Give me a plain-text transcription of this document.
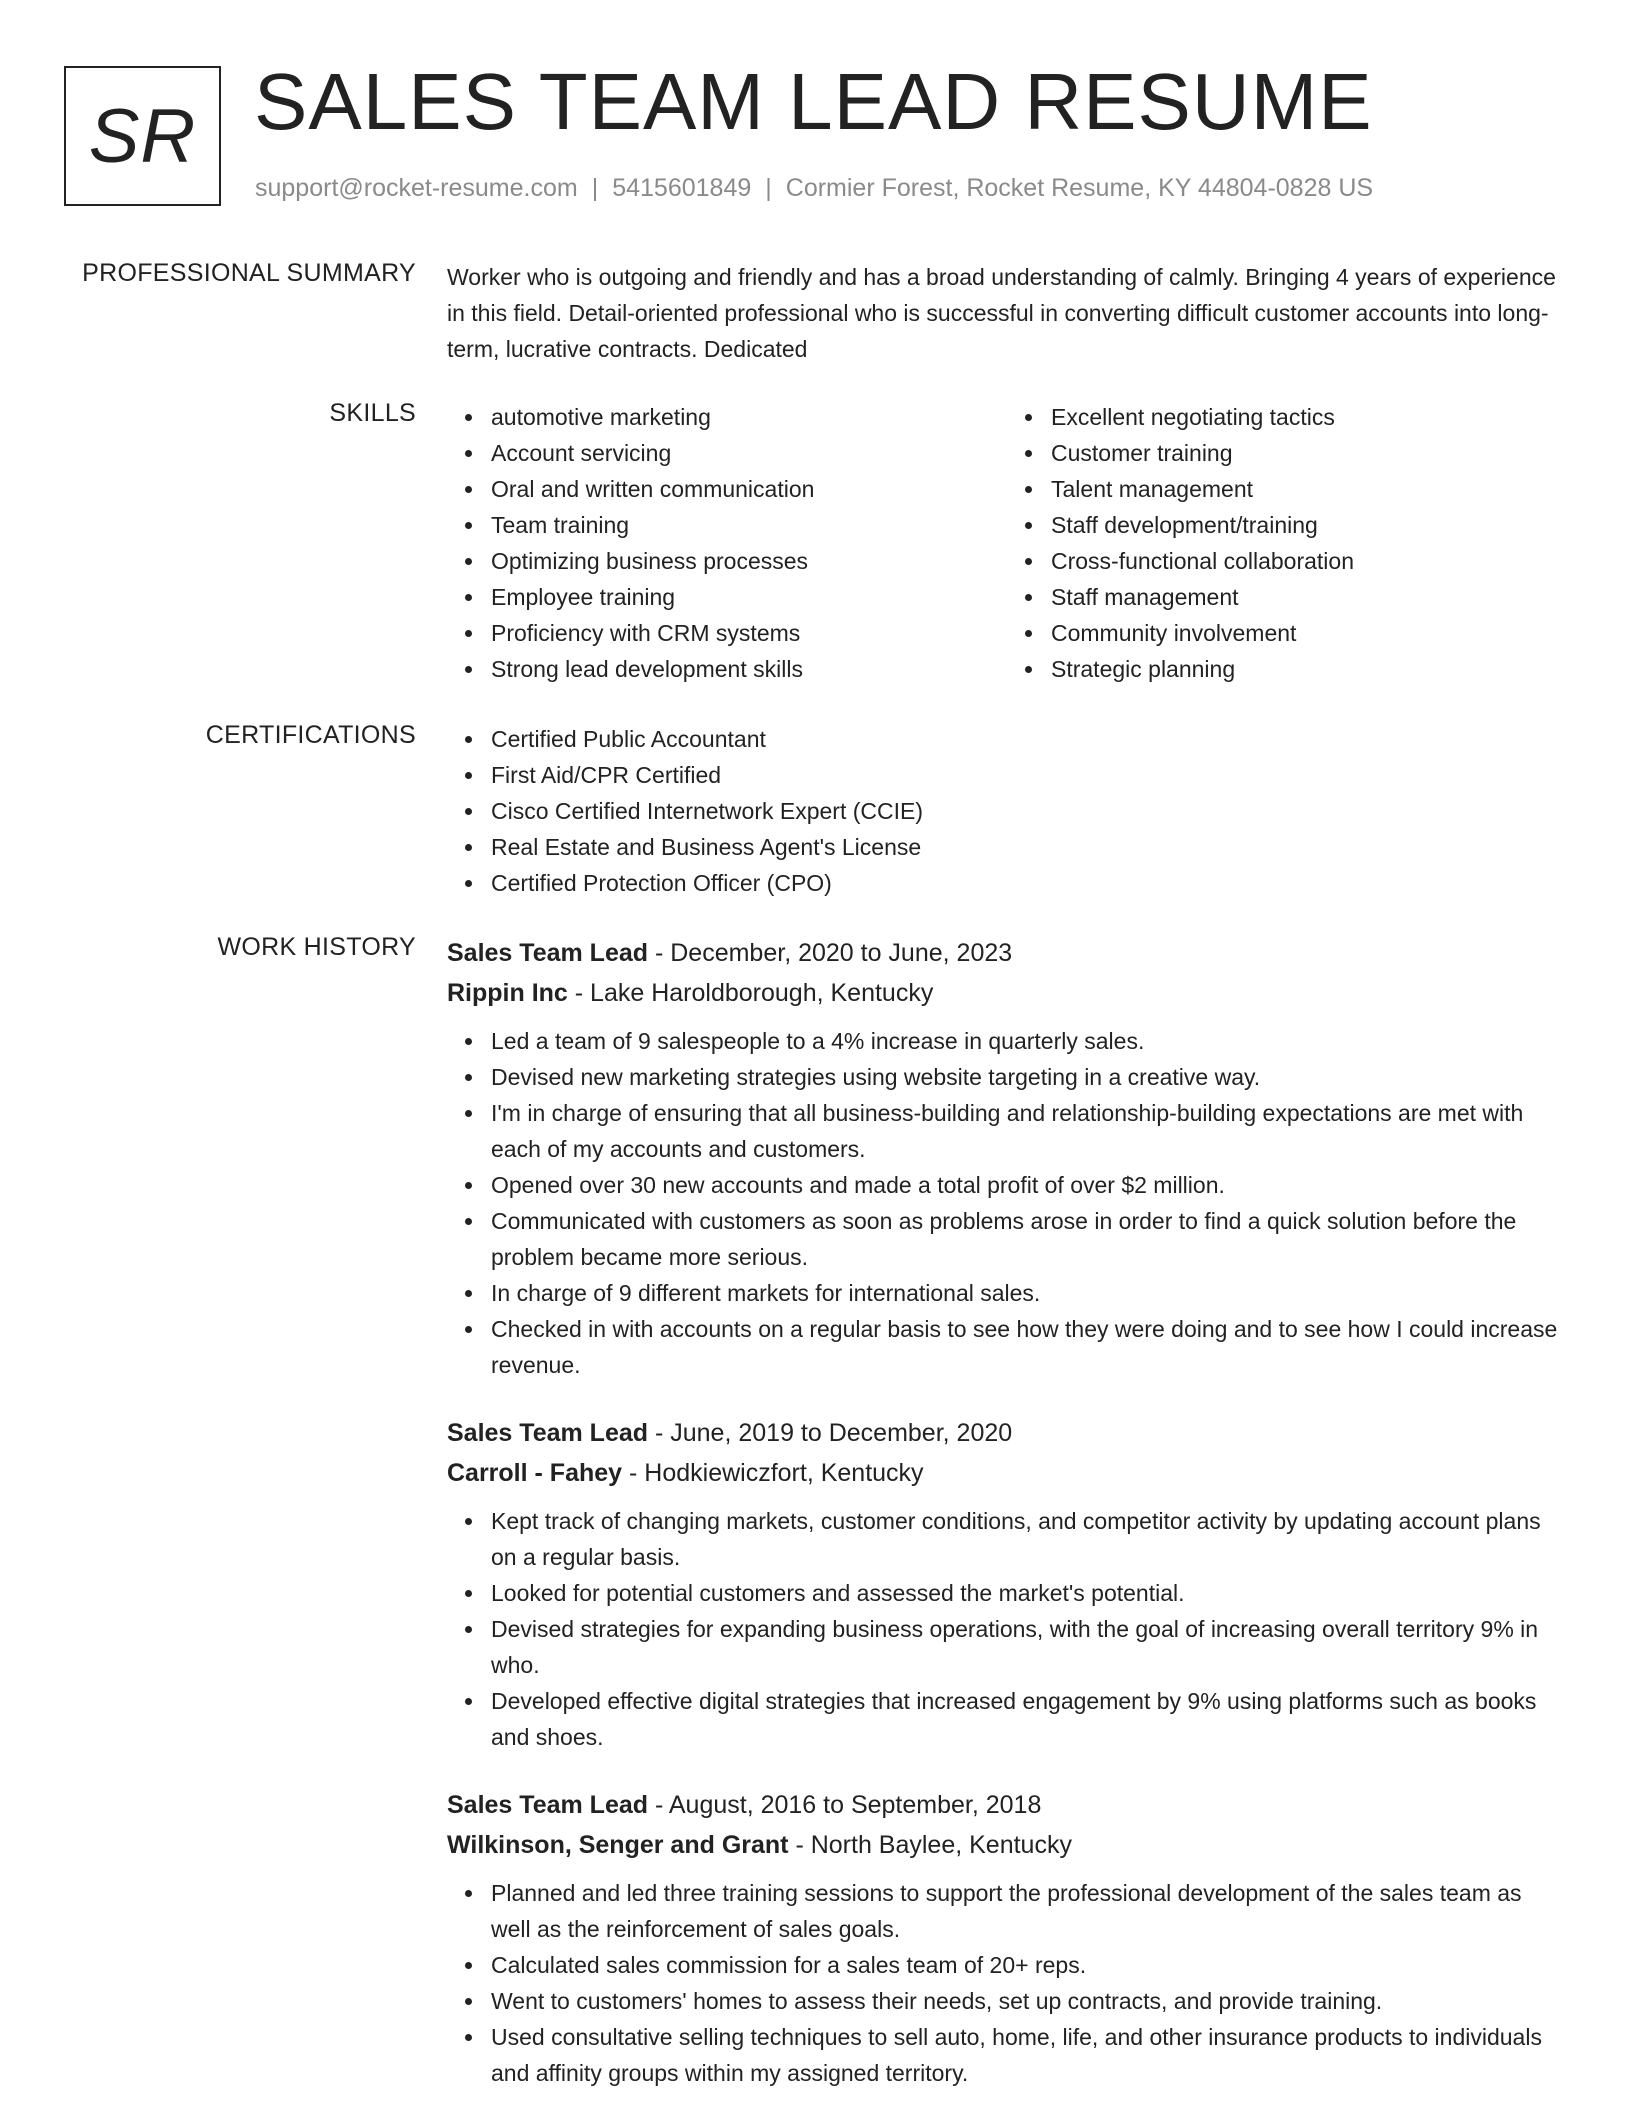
SR SALES TEAM LEAD RESUME
support@rocket-resume.com | 5415601849 | Cormier Forest, Rocket Resume, KY 44804-0828 US
PROFESSIONAL SUMMARY Worker who is outgoing and friendly and has a broad understanding of calmly. Bringing 4 years of experience in this field. Detail-oriented professional who is successful in converting difficult customer accounts into long-term, lucrative contracts. Dedicated

SKILLS	automotive marketing
Account servicing
Oral and written communication
Team training
Optimizing business processes
Employee training
Proficiency with CRM systems
Strong lead development skills
Excellent negotiating tactics
Customer training
Talent management
Staff development/training
Cross-functional collaboration
Staff management
Community involvement
Strategic planning
CERTIFICATIONS	Certified Public Accountant
First Aid/CPR Certified
Cisco Certified Internetwork Expert (CCIE)
Real Estate and Business Agent's License
Certified Protection Officer (CPO)
WORK HISTORY Sales Team Lead - December, 2020 to June, 2023
Rippin Inc - Lake Haroldborough, Kentucky
Led a team of 9 salespeople to a 4% increase in quarterly sales.
Devised new marketing strategies using website targeting in a creative way.
I'm in charge of ensuring that all business-building and relationship-building expectations are met with each of my accounts and customers.
Opened over 30 new accounts and made a total profit of over $2 million.
Communicated with customers as soon as problems arose in order to find a quick solution before the problem became more serious.
In charge of 9 different markets for international sales.
Checked in with accounts on a regular basis to see how they were doing and to see how I could increase revenue.
Sales Team Lead - June, 2019 to December, 2020
Carroll - Fahey - Hodkiewiczfort, Kentucky
Kept track of changing markets, customer conditions, and competitor activity by updating account plans on a regular basis.
Looked for potential customers and assessed the market's potential.
Devised strategies for expanding business operations, with the goal of increasing overall territory 9% in who.
Developed effective digital strategies that increased engagement by 9% using platforms such as books and shoes.
Sales Team Lead - August, 2016 to September, 2018
Wilkinson, Senger and Grant - North Baylee, Kentucky
Planned and led three training sessions to support the professional development of the sales team as well as the reinforcement of sales goals.
Calculated sales commission for a sales team of 20+ reps.
Went to customers' homes to assess their needs, set up contracts, and provide training.
Used consultative selling techniques to sell auto, home, life, and other insurance products to individuals and affinity groups within my assigned territory.
